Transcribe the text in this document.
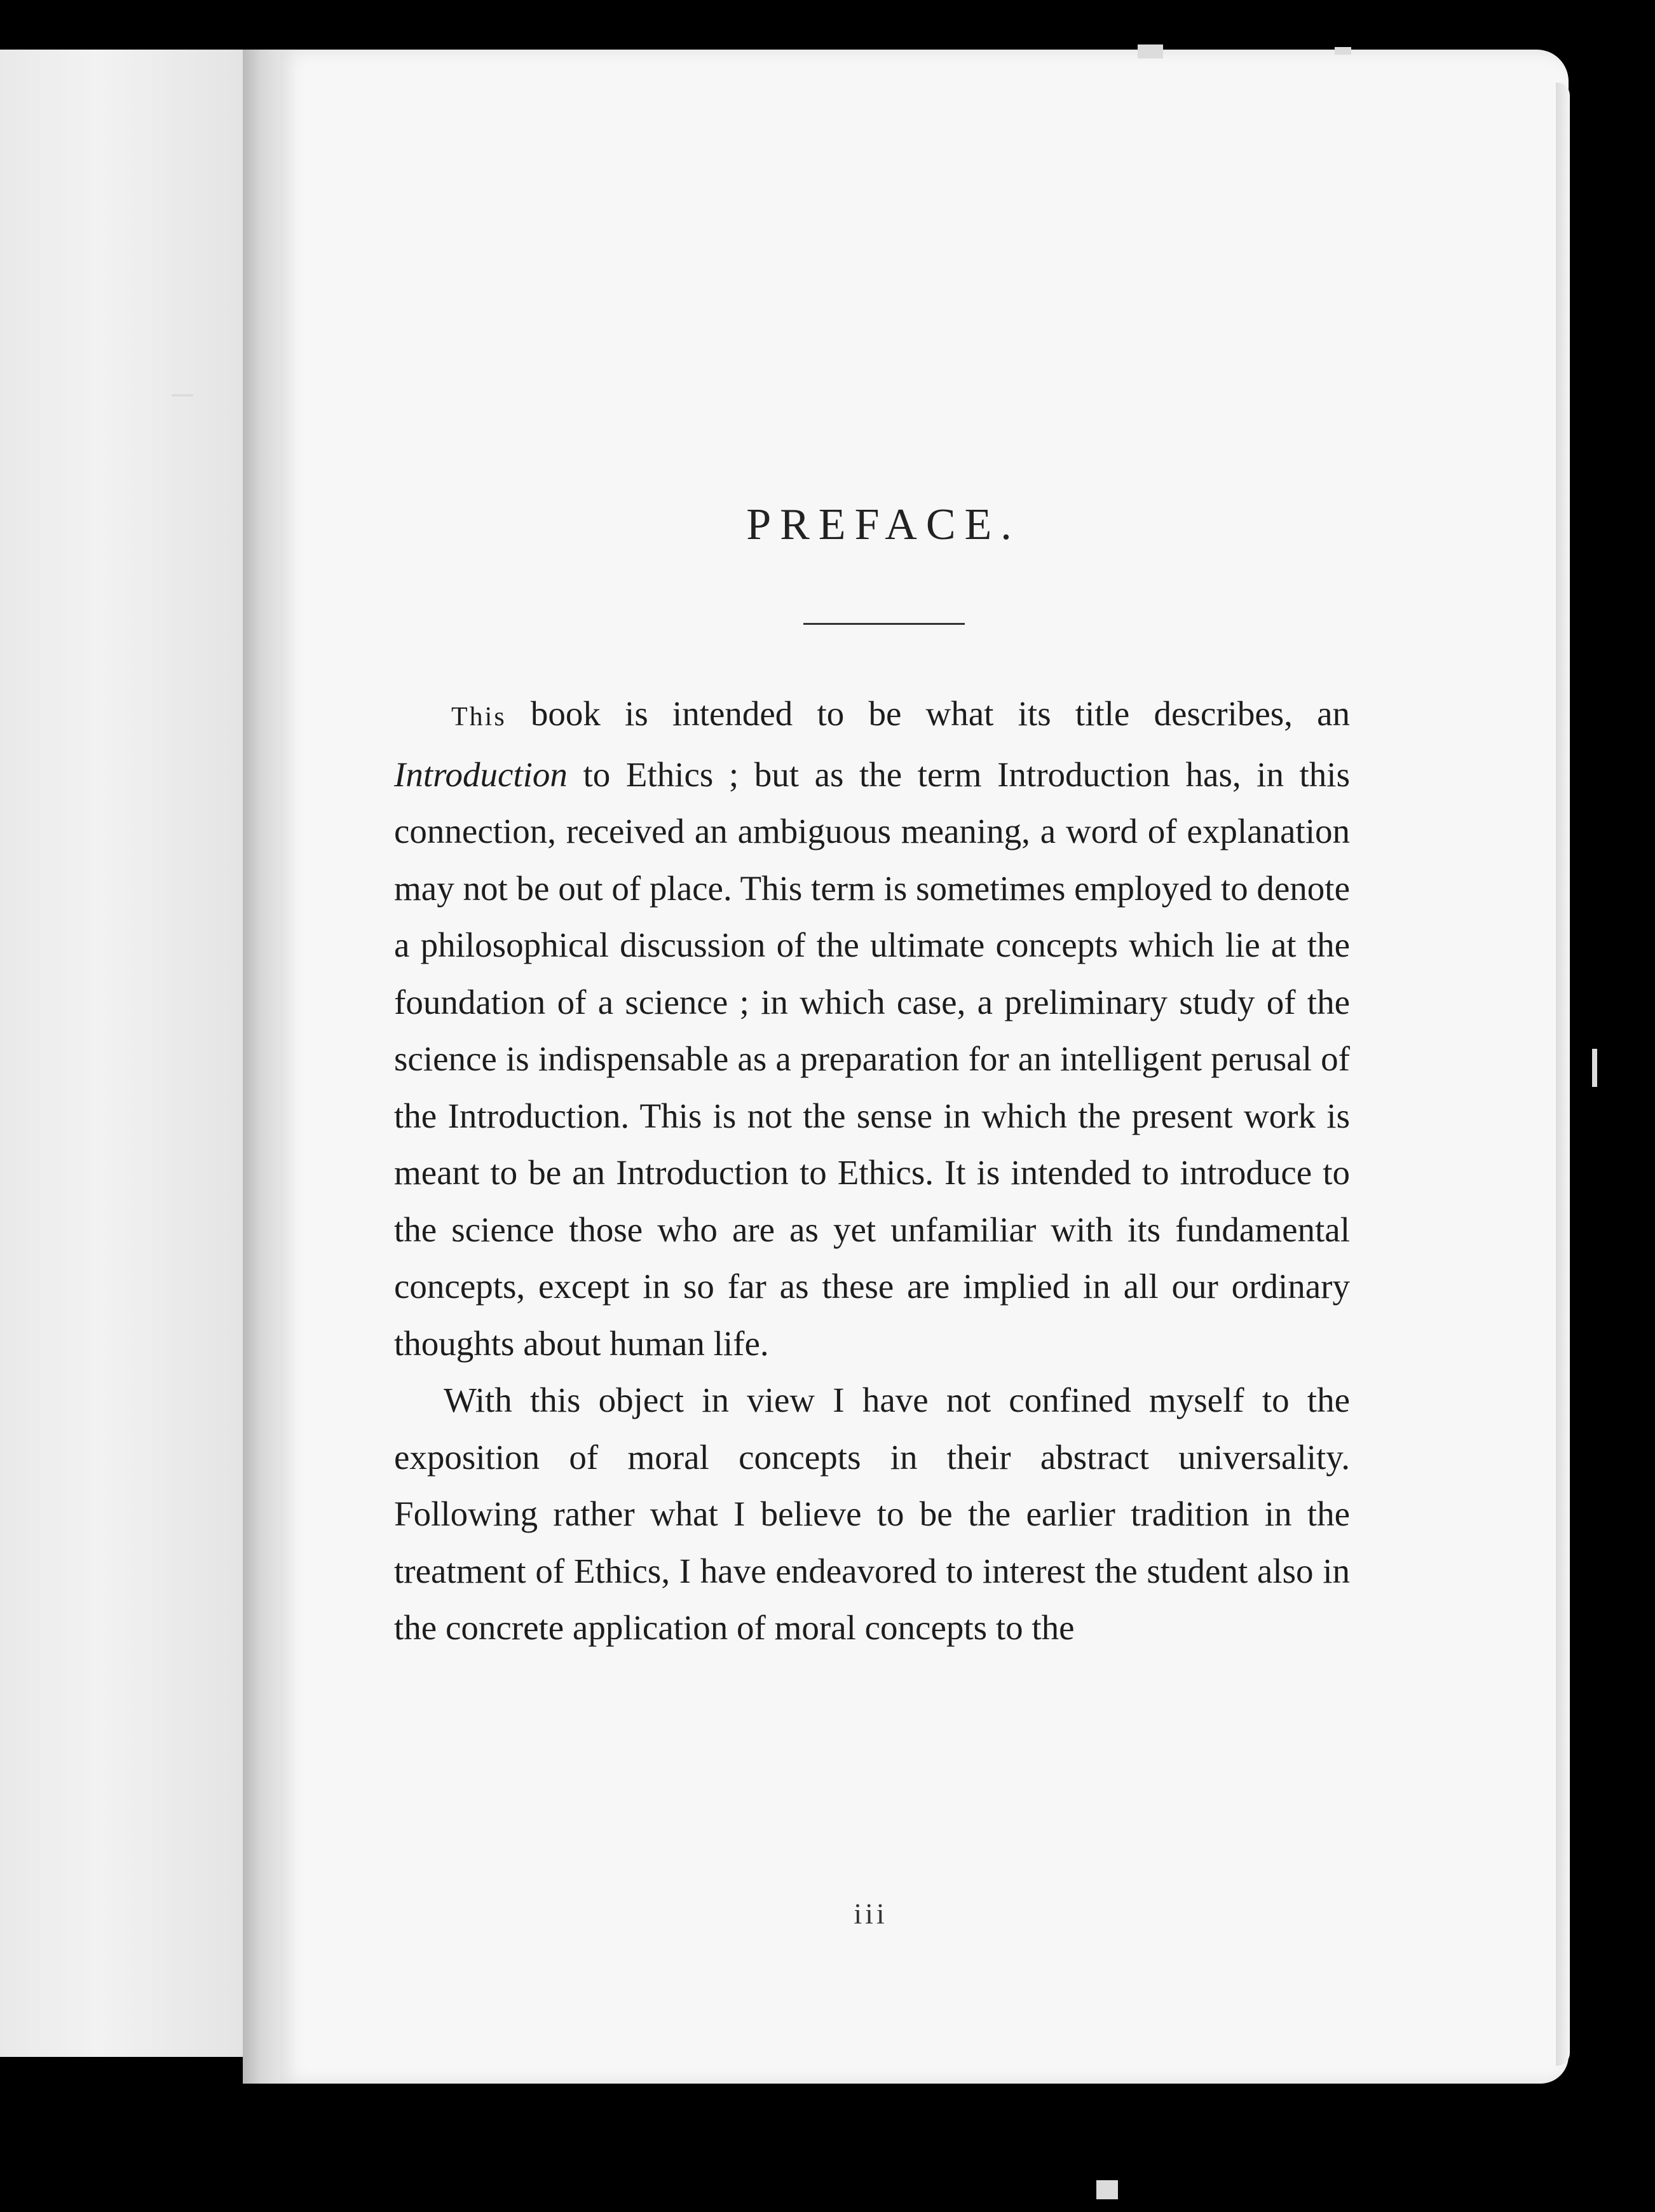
PREFACE.

This book is intended to be what its title describes, an Introduction to Ethics ; but as the term Introduction has, in this connection, received an ambiguous meaning, a word of explanation may not be out of place. This term is sometimes employed to denote a philosophical discussion of the ultimate concepts which lie at the foundation of a science ; in which case, a preliminary study of the science is indispensable as a preparation for an intelligent perusal of the Introduction. This is not the sense in which the present work is meant to be an Introduction to Ethics. It is intended to introduce to the science those who are as yet unfamiliar with its fundamental concepts, except in so far as these are implied in all our ordinary thoughts about human life.

With this object in view I have not confined myself to the exposition of moral concepts in their abstract universality. Following rather what I believe to be the earlier tradition in the treatment of Ethics, I have endeavored to interest the student also in the concrete application of moral concepts to the

iii
